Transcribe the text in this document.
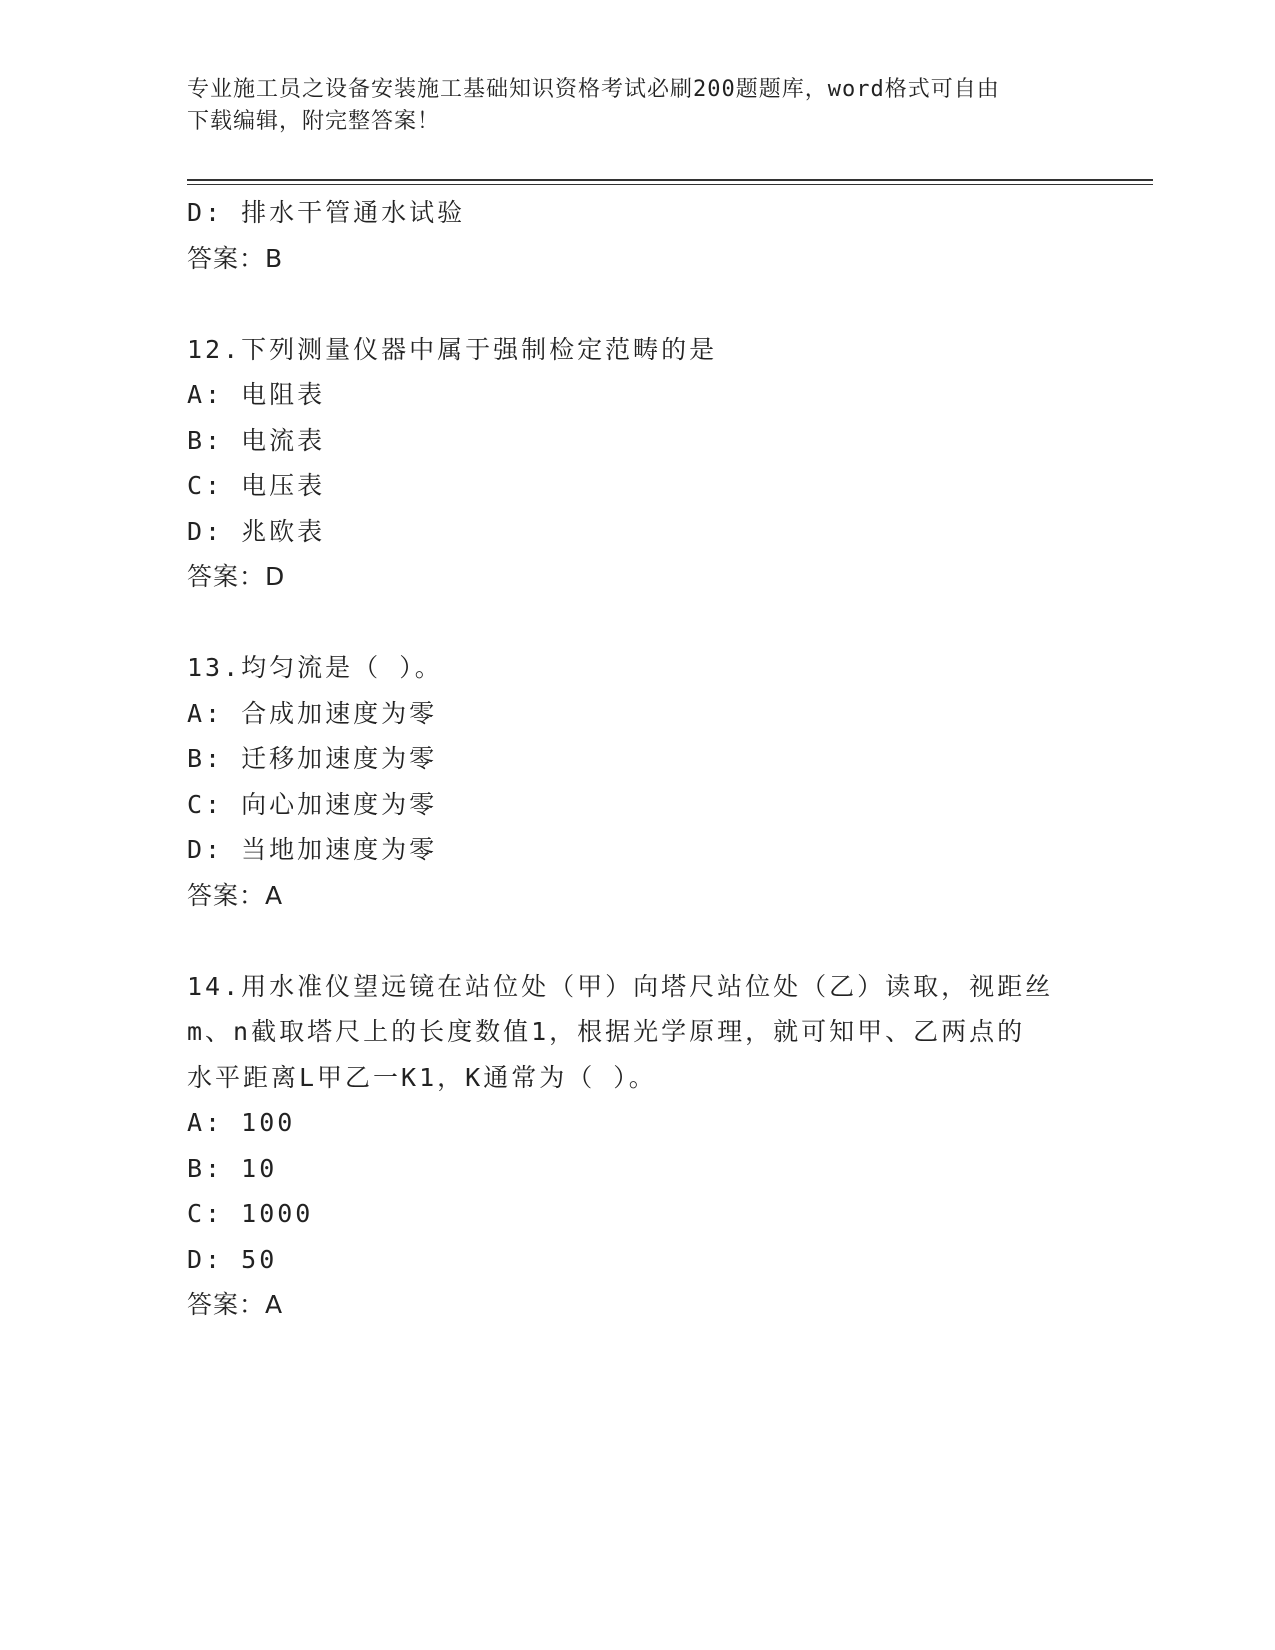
专业施工员之设备安装施工基础知识资格考试必刷200题题库，word格式可自由
下载编辑，附完整答案！
D: 排水干管通水试验
答案：B
12.下列测量仪器中属于强制检定范畴的是
A: 电阻表
B: 电流表
C: 电压表
D: 兆欧表
答案：D
13.均匀流是（ ）。
A: 合成加速度为零
B: 迁移加速度为零
C: 向心加速度为零
D: 当地加速度为零
答案：A
14.用水准仪望远镜在站位处（甲）向塔尺站位处（乙）读取，视距丝
m、n截取塔尺上的长度数值1，根据光学原理，就可知甲、乙两点的
水平距离L甲乙一K1，K通常为（ ）。
A: 100
B: 10
C: 1000
D: 50
答案：A
